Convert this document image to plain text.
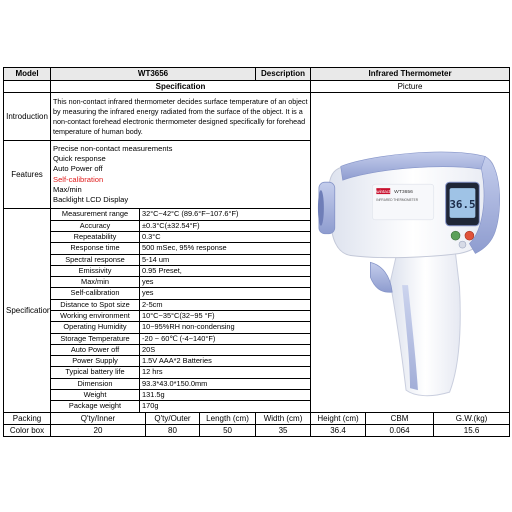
Model	WT3656	Description	Infrared Thermometer
	Specification	Picture
Introduction	This non-contact infrared thermometer decides surface temperature of an object by measuring the infrared energy radiated from the surface of the object. It is a non-contact forehead electronic thermometer designed specifically for forehead temperature of human body.	
wintact WT3656
INFRARED THERMOMETER	36.5

Features	
Precise non-contact measurements
Quick response
Auto Power off
Self-calibration
Max/min
Backlight LCD Display

Specification	
Measurement range	32°C~42°C (89.6°F~107.6°F)
Accuracy	±0.3°C(±32.54°F)
Repeatability	0.3°C
Response time	500 mSec, 95% response
Spectral response	5-14 um
Emissivity	0.95 Preset,
Max/min	yes
Self-calibration	yes
Distance to Spot size	2-5cm
Working environment	10°C~35°C(32~95 °F)
Operating Humidity	10~95%RH non-condensing
Storage Temperature	-20 ~ 60℃ (-4~140°F)
Auto Power off	20S
Power Supply	1.5V AAA*2 Batteries
Typical battery life	12 hrs
Dimension	93.3*43.0*150.0mm
Weight	131.5g
Package weight	170g

Packing	Q'ty/Inner	Q'ty/Outer	Length (cm)	Width (cm)	Height (cm)	CBM	G.W.(kg)
Color box	20	80	50	35	36.4	0.064	15.6
